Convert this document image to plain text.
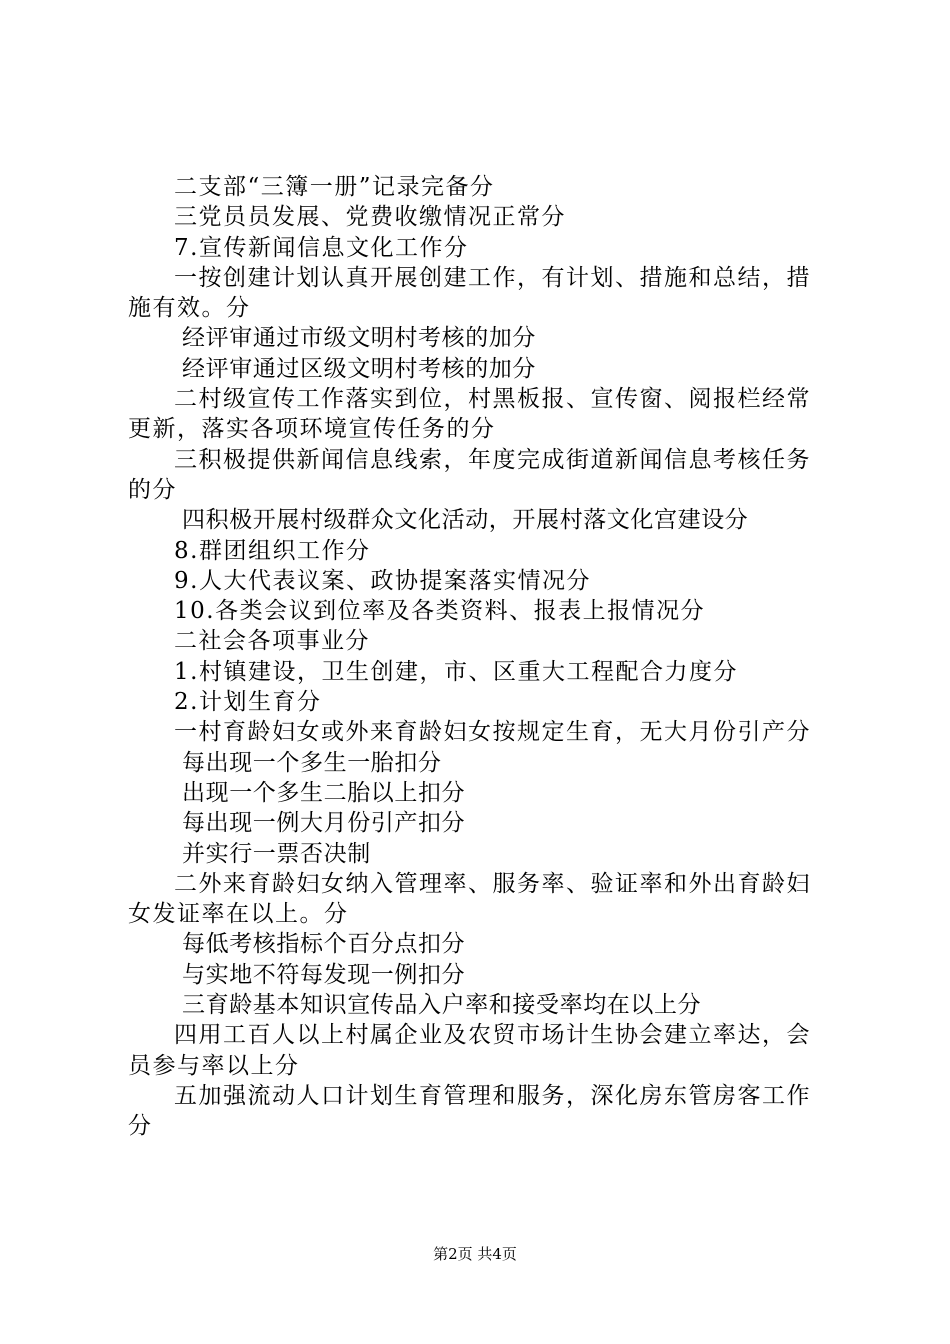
二支部“三簿一册”记录完备分

三党员员发展、党费收缴情况正常分

7.宣传新闻信息文化工作分

一按创建计划认真开展创建工作，有计划、措施和总结，措施有效。分

经评审通过市级文明村考核的加分

经评审通过区级文明村考核的加分

二村级宣传工作落实到位，村黑板报、宣传窗、阅报栏经常更新，落实各项环境宣传任务的分

三积极提供新闻信息线索，年度完成街道新闻信息考核任务的分

四积极开展村级群众文化活动，开展村落文化宫建设分

8.群团组织工作分

9.人大代表议案、政协提案落实情况分

10.各类会议到位率及各类资料、报表上报情况分

二社会各项事业分

1.村镇建设，卫生创建，市、区重大工程配合力度分

2.计划生育分

一村育龄妇女或外来育龄妇女按规定生育，无大月份引产分

每出现一个多生一胎扣分

出现一个多生二胎以上扣分

每出现一例大月份引产扣分

并实行一票否决制

二外来育龄妇女纳入管理率、服务率、验证率和外出育龄妇女发证率在以上。分

每低考核指标个百分点扣分

与实地不符每发现一例扣分

三育龄基本知识宣传品入户率和接受率均在以上分

四用工百人以上村属企业及农贸市场计生协会建立率达，会员参与率以上分

五加强流动人口计划生育管理和服务，深化房东管房客工作分

第2页 共4页
